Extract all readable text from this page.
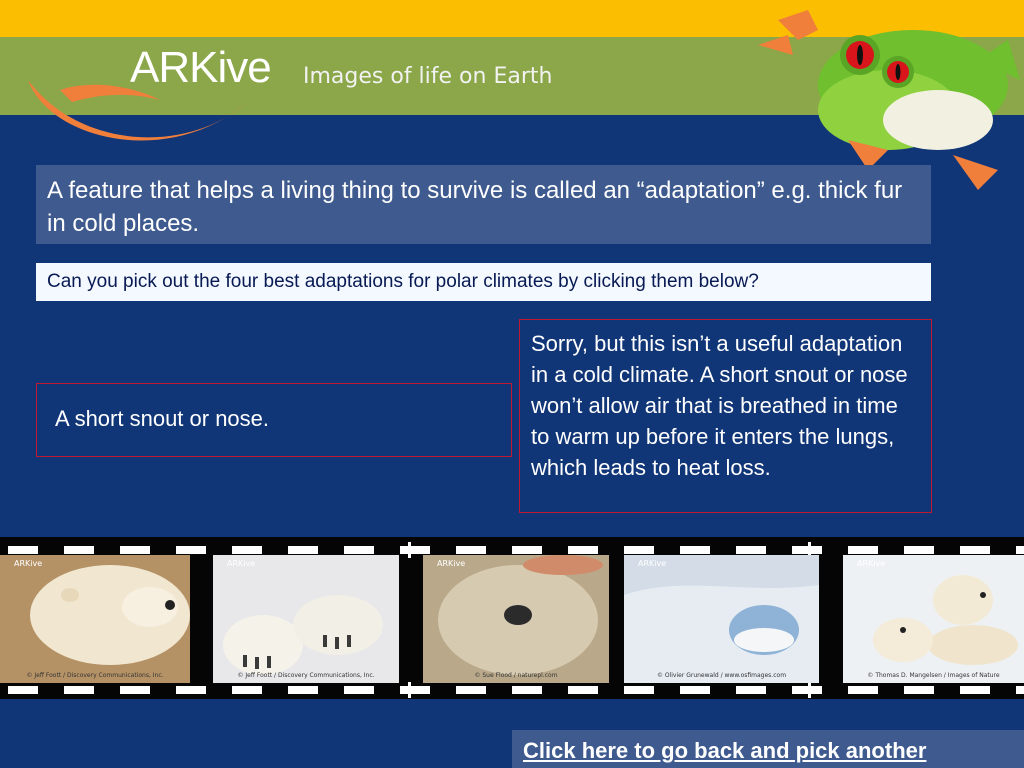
ARKive Images of life on Earth
A feature that helps a living thing to survive is called an “adaptation” e.g. thick fur in cold places.
Can you pick out the four best adaptations for polar climates by clicking them below?
A short snout or nose.
Sorry, but this isn’t a useful adaptation in a cold climate. A short snout or nose won’t allow air that is breathed in time to warm up before it enters the lungs, which leads to heat loss.
ARKive
© Jeff Foott / Discovery Communications, Inc.
ARKive
© Jeff Foott / Discovery Communications, Inc.
ARKive
© Sue Flood / naturepl.com
ARKive
© Olivier Grunewald / www.osfimages.com
ARKive
© Thomas D. Mangelsen / Images of Nature
Click here to go back and pick another
